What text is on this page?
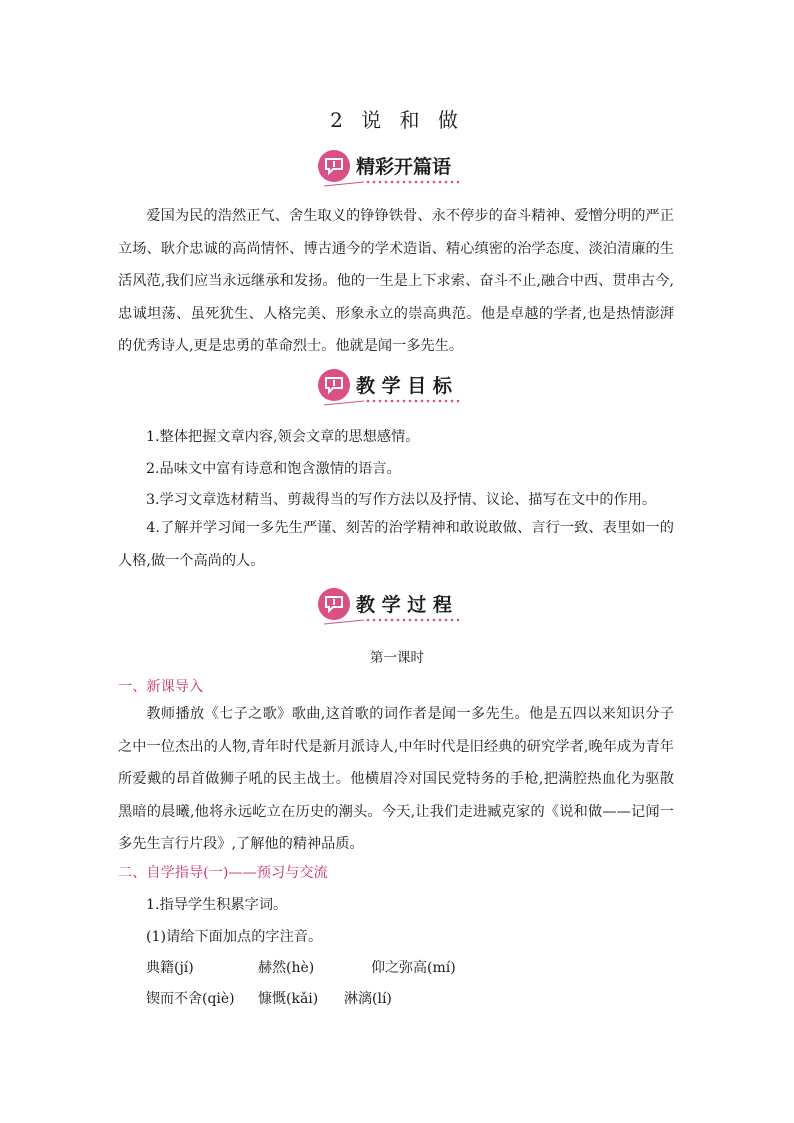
2 说 和 做
精彩开篇语

爱国为民的浩然正气、舍生取义的铮铮铁骨、永不停步的奋斗精神、爱憎分明的严正立场、耿介忠诚的高尚情怀、博古通今的学术造诣、精心缜密的治学态度、淡泊清廉的生活风范,我们应当永远继承和发扬。他的一生是上下求索、奋斗不止,融合中西、贯串古今,忠诚坦荡、虽死犹生、人格完美、形象永立的崇高典范。他是卓越的学者,也是热情澎湃的优秀诗人,更是忠勇的革命烈士。他就是闻一多先生。

教 学 目 标
1.整体把握文章内容,领会文章的思想感情。
2.品味文中富有诗意和饱含激情的语言。
3.学习文章选材精当、剪裁得当的写作方法以及抒情、议论、描写在文中的作用。

4.了解并学习闻一多先生严谨、刻苦的治学精神和敢说敢做、言行一致、表里如一的人格,做一个高尚的人。

教 学 过 程
第一课时
一、新课导入

教师播放《七子之歌》歌曲,这首歌的词作者是闻一多先生。他是五四以来知识分子之中一位杰出的人物,青年时代是新月派诗人,中年时代是旧经典的研究学者,晚年成为青年所爱戴的昂首做狮子吼的民主战士。他横眉冷对国民党特务的手枪,把满腔热血化为驱散黑暗的晨曦,他将永远屹立在历史的潮头。今天,让我们走进臧克家的《说和做——记闻一多先生言行片段》,了解他的精神品质。

二、自学指导(一)——预习与交流
1.指导学生积累字词。
(1)请给下面加点的字注音。
典籍(jí)	赫然(hè)	仰之弥高(mí)
锲而不舍(qiè) 慷慨(kǎi) 淋漓(lí)
